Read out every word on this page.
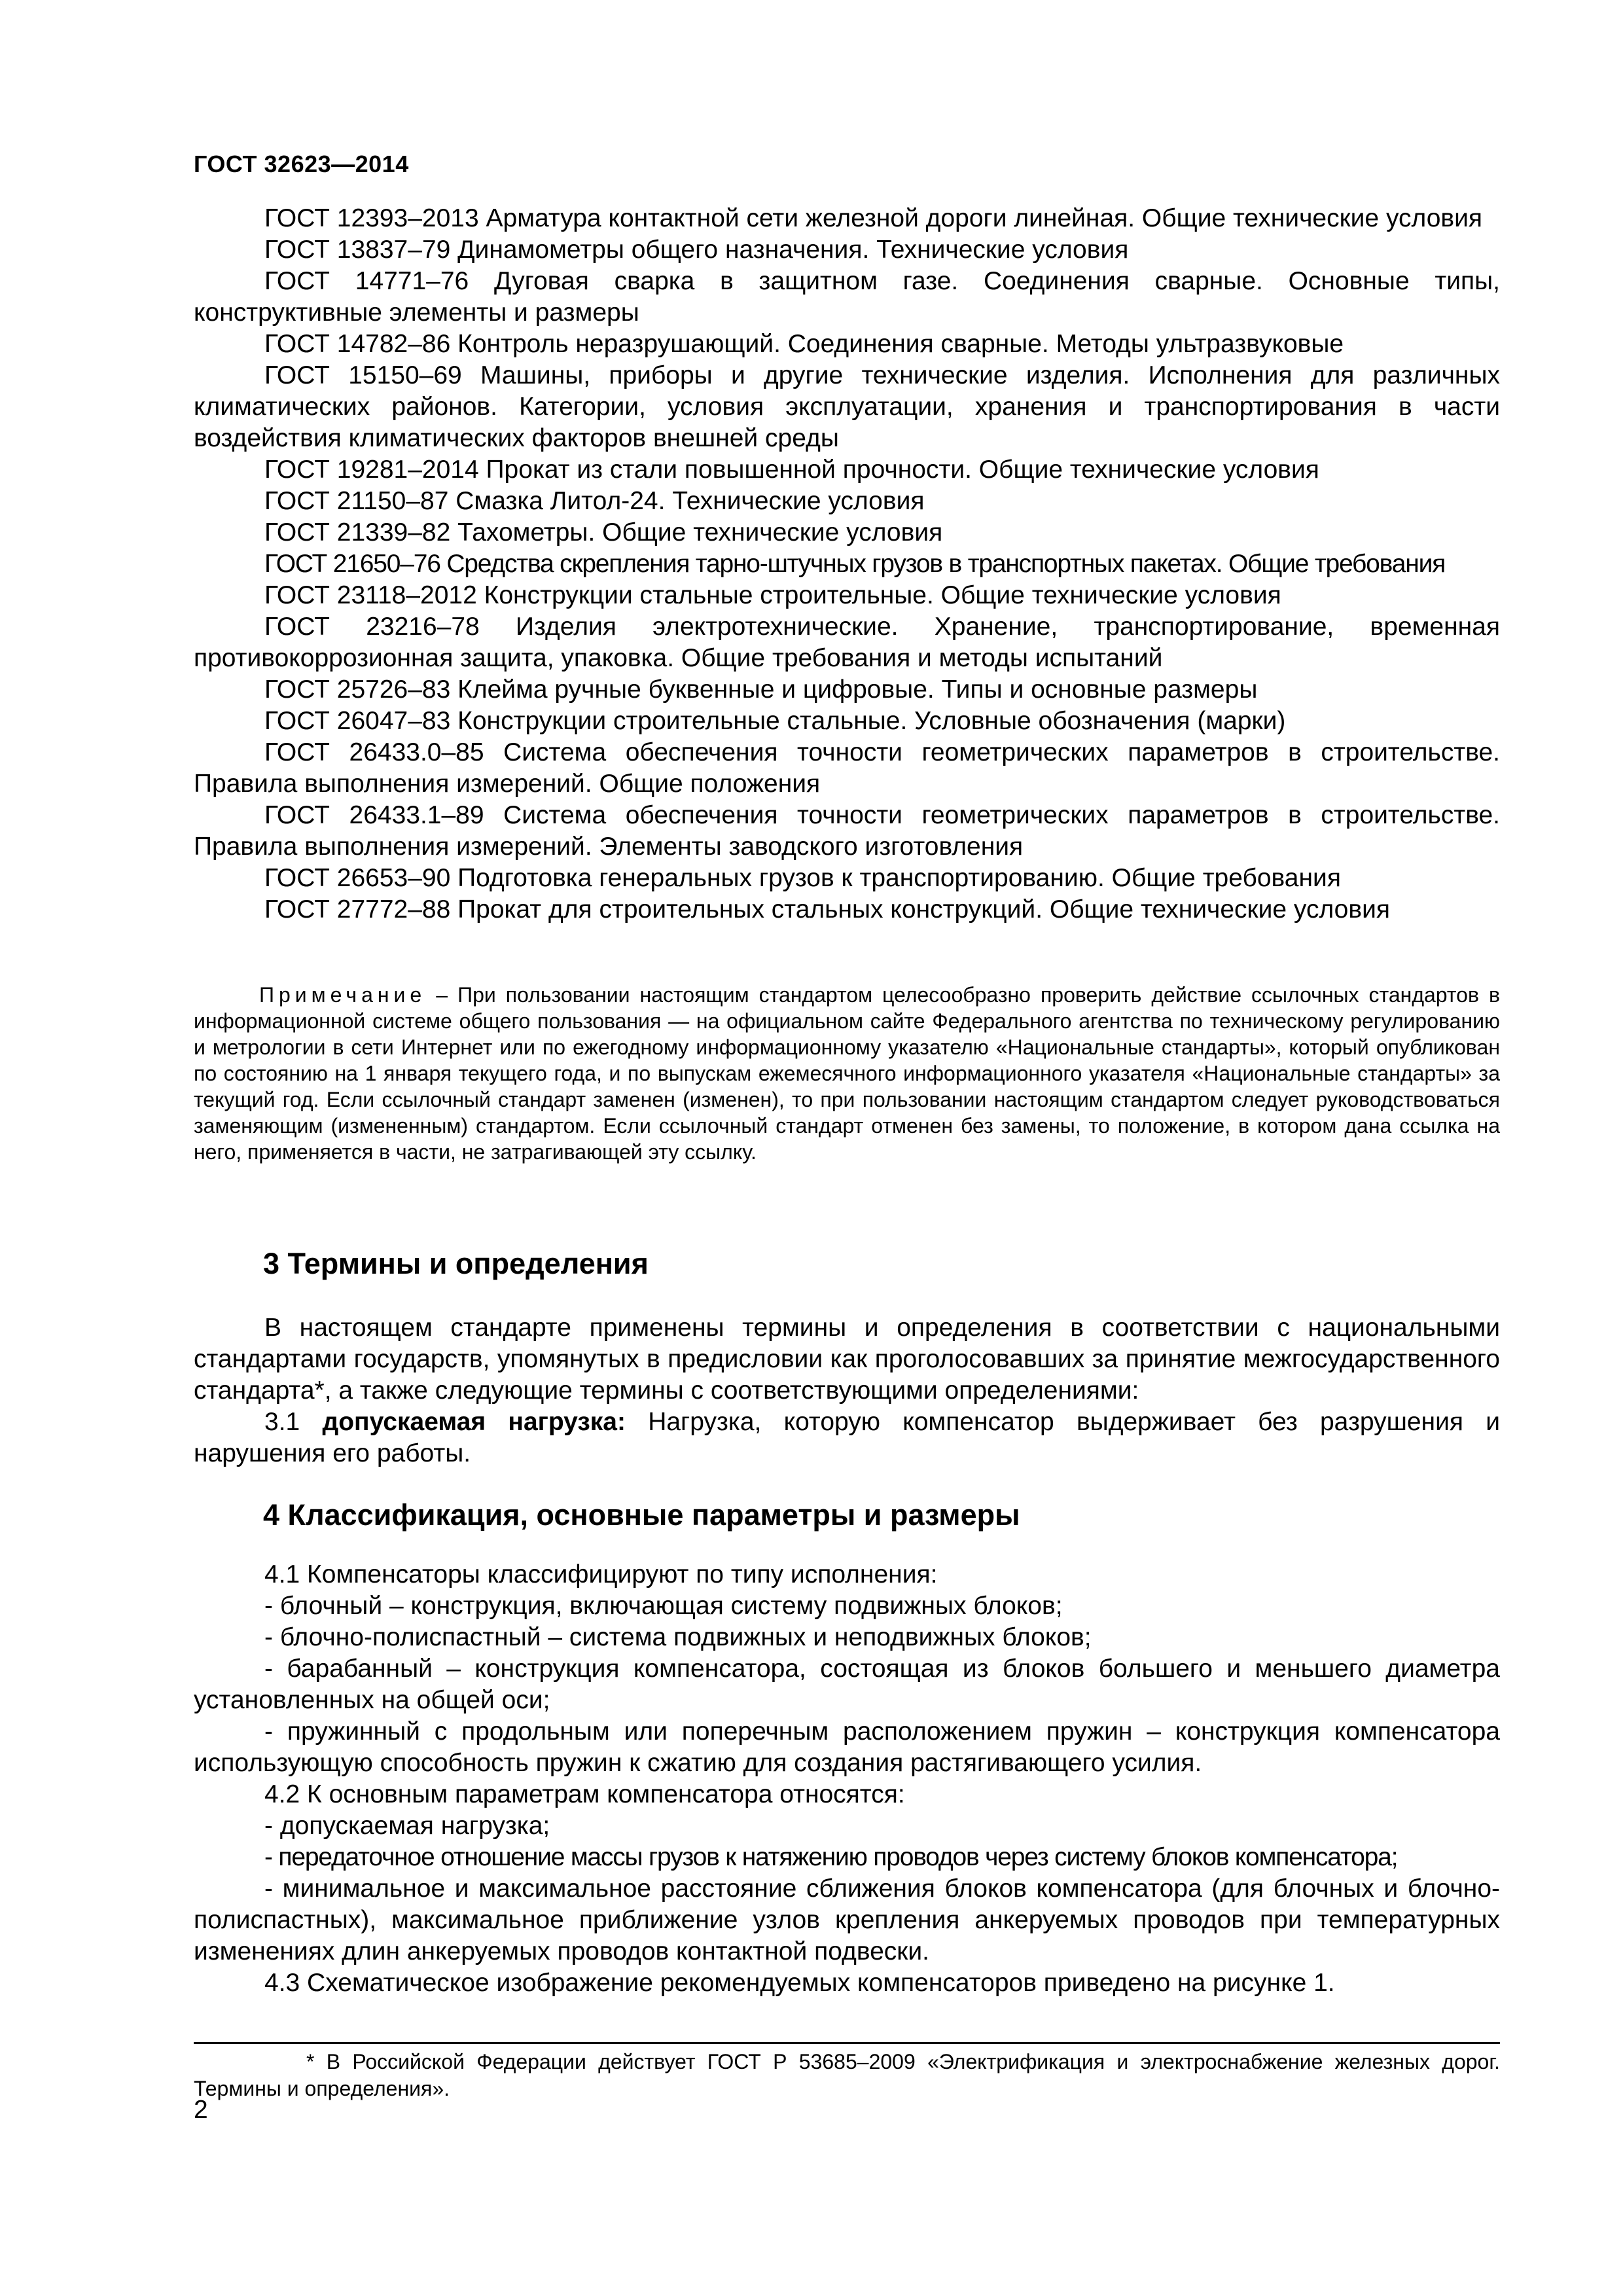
ГОСТ 32623—2014

ГОСТ 12393–2013 Арматура контактной сети железной дороги линейная. Общие технические условия

ГОСТ 13837–79 Динамометры общего назначения. Технические условия

ГОСТ 14771–76 Дуговая сварка в защитном газе. Соединения сварные. Основные типы, конструктивные элементы и размеры

ГОСТ 14782–86 Контроль неразрушающий. Соединения сварные. Методы ультразвуковые

ГОСТ 15150–69 Машины, приборы и другие технические изделия. Исполнения для различных климатических районов. Категории, условия эксплуатации, хранения и транспортирования в части воздействия климатических факторов внешней среды

ГОСТ 19281–2014 Прокат из стали повышенной прочности. Общие технические условия

ГОСТ 21150–87 Смазка Литол-24. Технические условия

ГОСТ 21339–82 Тахометры. Общие технические условия

ГОСТ 21650–76 Средства скрепления тарно-штучных грузов в транспортных пакетах. Общие требования

ГОСТ 23118–2012 Конструкции стальные строительные. Общие технические условия

ГОСТ 23216–78 Изделия электротехнические. Хранение, транспортирование, временная противокоррозионная защита, упаковка. Общие требования и методы испытаний

ГОСТ 25726–83 Клейма ручные буквенные и цифровые. Типы и основные размеры

ГОСТ 26047–83 Конструкции строительные стальные. Условные обозначения (марки)

ГОСТ 26433.0–85 Система обеспечения точности геометрических параметров в строительстве. Правила выполнения измерений. Общие положения

ГОСТ 26433.1–89 Система обеспечения точности геометрических параметров в строительстве. Правила выполнения измерений. Элементы заводского изготовления

ГОСТ 26653–90 Подготовка генеральных грузов к транспортированию. Общие требования

ГОСТ 27772–88 Прокат для строительных стальных конструкций. Общие технические условия

Примечание – При пользовании настоящим стандартом целесообразно проверить действие ссылочных стандартов в информационной системе общего пользования — на официальном сайте Федерального агентства по техническому регулированию и метрологии в сети Интернет или по ежегодному информационному указателю «Национальные стандарты», который опубликован по состоянию на 1 января текущего года, и по выпускам ежемесячного информационного указателя «Национальные стандарты» за текущий год. Если ссылочный стандарт заменен (изменен), то при пользовании настоящим стандартом следует руководствоваться заменяющим (измененным) стандартом. Если ссылочный стандарт отменен без замены, то положение, в котором дана ссылка на него, применяется в части, не затрагивающей эту ссылку.
3 Термины и определения

В настоящем стандарте применены термины и определения в соответствии с национальными стандартами государств, упомянутых в предисловии как проголосовавших за принятие межгосударственного стандарта*, а также следующие термины с соответствующими определениями:

3.1 допускаемая нагрузка: Нагрузка, которую компенсатор выдерживает без разрушения и нарушения его работы.

4 Классификация, основные параметры и размеры

4.1 Компенсаторы классифицируют по типу исполнения:

- блочный – конструкция, включающая систему подвижных блоков;

- блочно-полиспастный – система подвижных и неподвижных блоков;

- барабанный – конструкция компенсатора, состоящая из блоков большего и меньшего диаметра установленных на общей оси;

- пружинный с продольным или поперечным расположением пружин – конструкция компенсатора использующую способность пружин к сжатию для создания растягивающего усилия.

4.2 К основным параметрам компенсатора относятся:

- допускаемая нагрузка;

- передаточное отношение массы грузов к натяжению проводов через систему блоков компенсатора;

- минимальное и максимальное расстояние сближения блоков компенсатора (для блочных и блочно-полиспастных), максимальное приближение узлов крепления анкеруемых проводов при температурных изменениях длин анкеруемых проводов контактной подвески.

4.3 Схематическое изображение рекомендуемых компенсаторов приведено на рисунке 1.

* В Российской Федерации действует ГОСТ Р 53685–2009 «Электрификация и электроснабжение железных дорог. Термины и определения».
2
